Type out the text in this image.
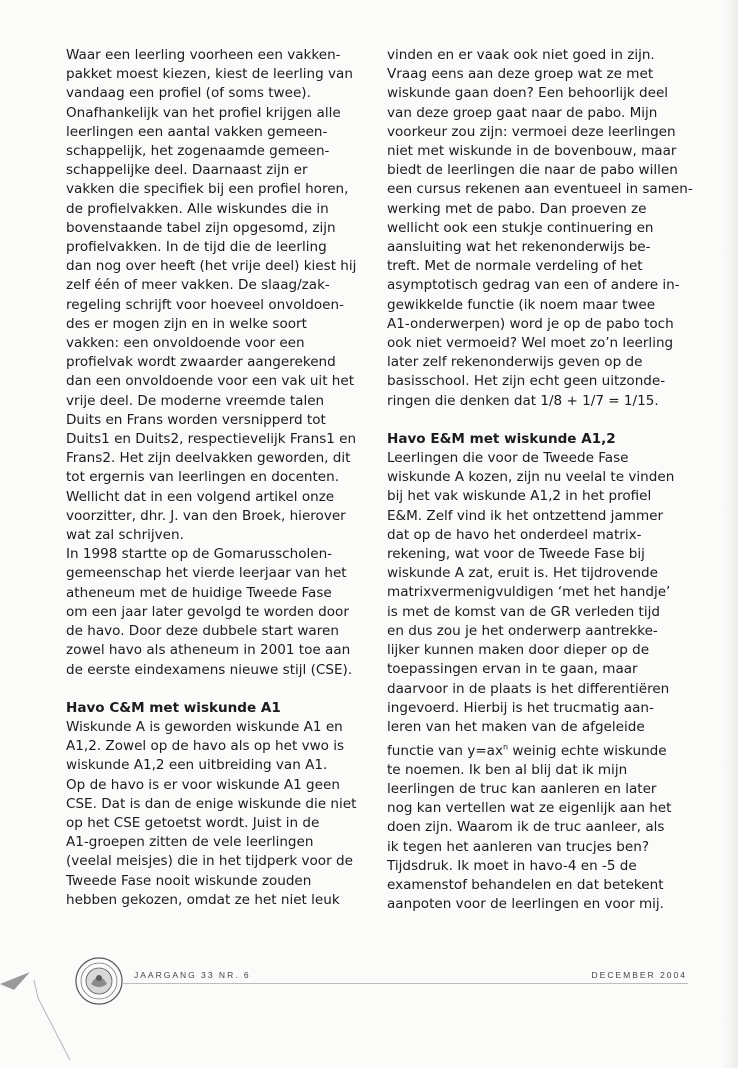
Waar een leerling voorheen een vakken-
pakket moest kiezen, kiest de leerling van
vandaag een profiel (of soms twee).
Onafhankelijk van het profiel krijgen alle
leerlingen een aantal vakken gemeen-
schappelijk, het zogenaamde gemeen-
schappelijke deel. Daarnaast zijn er
vakken die specifiek bij een profiel horen,
de profielvakken. Alle wiskundes die in
bovenstaande tabel zijn opgesomd, zijn
profielvakken. In de tijd die de leerling
dan nog over heeft (het vrije deel) kiest hij
zelf één of meer vakken. De slaag/zak-
regeling schrijft voor hoeveel onvoldoen-
des er mogen zijn en in welke soort
vakken: een onvoldoende voor een
profielvak wordt zwaarder aangerekend
dan een onvoldoende voor een vak uit het
vrije deel. De moderne vreemde talen
Duits en Frans worden versnipperd tot
Duits1 en Duits2, respectievelijk Frans1 en
Frans2. Het zijn deelvakken geworden, dit
tot ergernis van leerlingen en docenten.
Wellicht dat in een volgend artikel onze
voorzitter, dhr. J. van den Broek, hierover
wat zal schrijven.

In 1998 startte op de Gomarusscholen-
gemeenschap het vierde leerjaar van het
atheneum met de huidige Tweede Fase
om een jaar later gevolgd te worden door
de havo. Door deze dubbele start waren
zowel havo als atheneum in 2001 toe aan
de eerste eindexamens nieuwe stijl (CSE).

Havo C&M met wiskunde A1

Wiskunde A is geworden wiskunde A1 en
A1,2. Zowel op de havo als op het vwo is
wiskunde A1,2 een uitbreiding van A1.
Op de havo is er voor wiskunde A1 geen
CSE. Dat is dan de enige wiskunde die niet
op het CSE getoetst wordt. Juist in de
A1-groepen zitten de vele leerlingen
(veelal meisjes) die in het tijdperk voor de
Tweede Fase nooit wiskunde zouden
hebben gekozen, omdat ze het niet leuk

vinden en er vaak ook niet goed in zijn.
Vraag eens aan deze groep wat ze met
wiskunde gaan doen? Een behoorlijk deel
van deze groep gaat naar de pabo. Mijn
voorkeur zou zijn: vermoei deze leerlingen
niet met wiskunde in de bovenbouw, maar
biedt de leerlingen die naar de pabo willen
een cursus rekenen aan eventueel in samen-
werking met de pabo. Dan proeven ze
wellicht ook een stukje continuering en
aansluiting wat het rekenonderwijs be-
treft. Met de normale verdeling of het
asymptotisch gedrag van een of andere in-
gewikkelde functie (ik noem maar twee
A1-onderwerpen) word je op de pabo toch
ook niet vermoeid? Wel moet zo’n leerling
later zelf rekenonderwijs geven op de
basisschool. Het zijn echt geen uitzonde-
ringen die denken dat 1/8 + 1/7 = 1/15.

Havo E&M met wiskunde A1,2

Leerlingen die voor de Tweede Fase
wiskunde A kozen, zijn nu veelal te vinden
bij het vak wiskunde A1,2 in het profiel
E&M. Zelf vind ik het ontzettend jammer
dat op de havo het onderdeel matrix-
rekening, wat voor de Tweede Fase bij
wiskunde A zat, eruit is. Het tijdrovende
matrixvermenigvuldigen ‘met het handje’
is met de komst van de GR verleden tijd
en dus zou je het onderwerp aantrekke-
lijker kunnen maken door dieper op de
toepassingen ervan in te gaan, maar
daarvoor in de plaats is het differentiëren
ingevoerd. Hierbij is het trucmatig aan-
leren van het maken van de afgeleide
functie van $y=ax^n$ weinig echte wiskunde
te noemen. Ik ben al blij dat ik mijn
leerlingen de truc kan aanleren en later
nog kan vertellen wat ze eigenlijk aan het
doen zijn. Waarom ik de truc aanleer, als
ik tegen het aanleren van trucjes ben?
Tijdsdruk. Ik moet in havo-4 en -5 de
examenstof behandelen en dat betekent
aanpoten voor de leerlingen en voor mij.

JAARGANG 33 NR. 6	DECEMBER 2004
